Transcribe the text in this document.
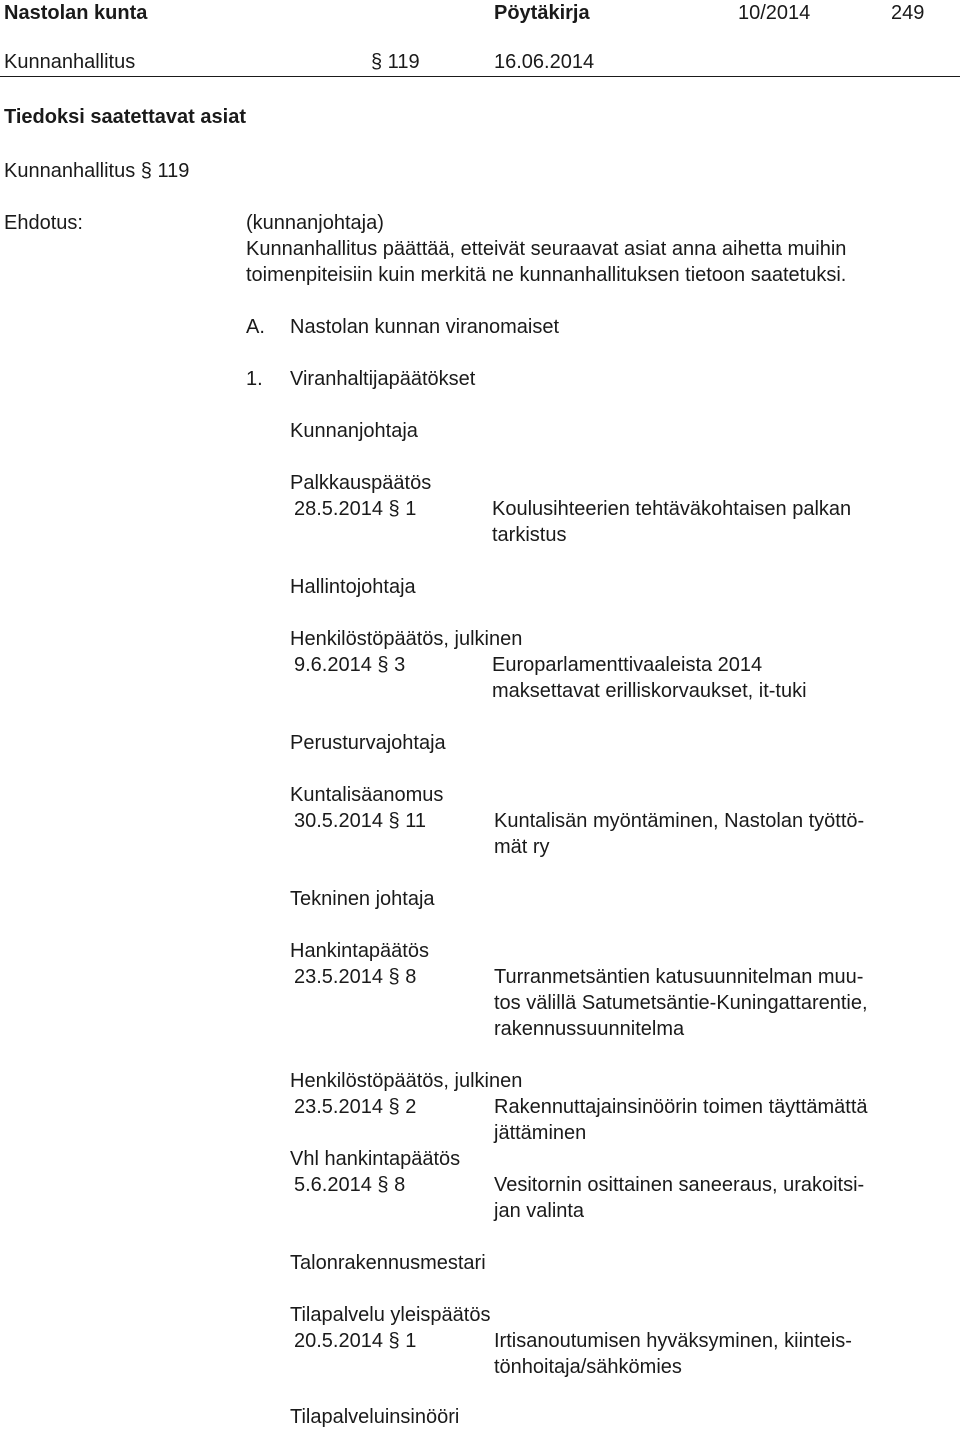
Nastolan kunta	Pöytäkirja	10/2014	249
Kunnanhallitus	§ 119	16.06.2014
Tiedoksi saatettavat asiat
Kunnanhallitus § 119
Ehdotus:	(kunnanjohtaja)
Kunnanhallitus päättää, etteivät seuraavat asiat anna aihetta muihin
toimenpiteisiin kuin merkitä ne kunnanhallituksen tietoon saatetuksi.
A. Nastolan kunnan viranomaiset
1. Viranhaltijapäätökset
Kunnanjohtaja
Palkkauspäätös
28.5.2014 § 1	Koulusihteerien tehtäväkohtaisen palkan
tarkistus
Hallintojohtaja
Henkilöstöpäätös, julkinen
9.6.2014 § 3	Europarlamenttivaaleista 2014
maksettavat erilliskorvaukset, it-tuki
Perusturvajohtaja
Kuntalisäanomus
30.5.2014 § 11	Kuntalisän myöntäminen, Nastolan työttö-
mät ry
Tekninen johtaja
Hankintapäätös
23.5.2014 § 8	Turranmetsäntien katusuunnitelman muu-
tos välillä Satumetsäntie-Kuningattarentie,
rakennussuunnitelma
Henkilöstöpäätös, julkinen
23.5.2014 § 2	Rakennuttajainsinöörin toimen täyttämättä
jättäminen
Vhl hankintapäätös
5.6.2014 § 8	Vesitornin osittainen saneeraus, urakoitsi-
jan valinta
Talonrakennusmestari
Tilapalvelu yleispäätös
20.5.2014 § 1	Irtisanoutumisen hyväksyminen, kiinteis-
tönhoitaja/sähkömies
Tilapalveluinsinööri
